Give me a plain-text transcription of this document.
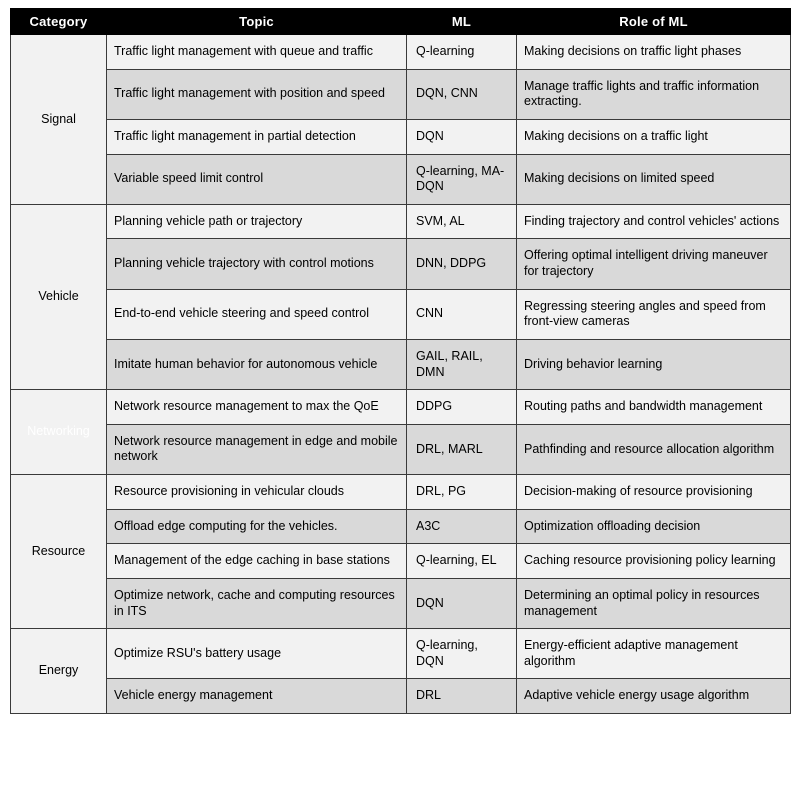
Category	Topic	ML	Role of ML
Signal	Traffic light management with queue and traffic	Q-learning	Making decisions on traffic light phases
	Traffic light management with position and speed	DQN, CNN	Manage traffic lights and traffic information extracting.
	Traffic light management in partial detection	DQN	Making decisions on a traffic light
	Variable speed limit control	Q-learning, MA-DQN	Making decisions on limited speed
Vehicle	Planning vehicle path or trajectory	SVM, AL	Finding trajectory and control vehicles' actions
	Planning vehicle trajectory with control motions	DNN, DDPG	Offering optimal intelligent driving maneuver for trajectory
	End-to-end vehicle steering and speed control	CNN	Regressing steering angles and speed from front-view cameras
	Imitate human behavior for autonomous vehicle	GAIL, RAIL, DMN	Driving behavior learning
Networking	Network resource management to max the QoE	DDPG	Routing paths and bandwidth management
	Network resource management in edge and mobile network	DRL, MARL	Pathfinding and resource allocation algorithm
Resource	Resource provisioning in vehicular clouds	DRL, PG	Decision-making of resource provisioning
	Offload edge computing for the vehicles.	A3C	Optimization offloading decision
	Management of the edge caching in base stations	Q-learning, EL	Caching resource provisioning policy learning
	Optimize network, cache and computing resources in ITS	DQN	Determining an optimal policy in resources management
Energy	Optimize RSU's battery usage	Q-learning, DQN	Energy-efficient adaptive management algorithm
	Vehicle energy management	DRL	Adaptive vehicle energy usage algorithm
